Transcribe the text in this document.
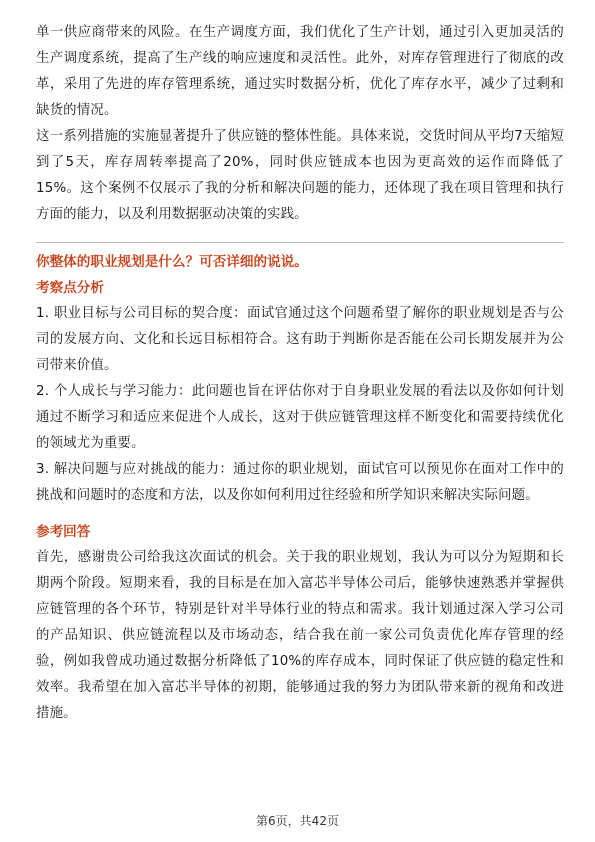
单一供应商带来的风险。在生产调度方面，我们优化了生产计划，通过引入更加灵活的生产调度系统，提高了生产线的响应速度和灵活性。此外，对库存管理进行了彻底的改革，采用了先进的库存管理系统，通过实时数据分析，优化了库存水平，减少了过剩和缺货的情况。

这一系列措施的实施显著提升了供应链的整体性能。具体来说，交货时间从平均7天缩短到了5天，库存周转率提高了20%，同时供应链成本也因为更高效的运作而降低了15%。这个案例不仅展示了我的分析和解决问题的能力，还体现了我在项目管理和执行方面的能力，以及利用数据驱动决策的实践。

你整体的职业规划是什么？可否详细的说说。
考察点分析

1. 职业目标与公司目标的契合度：面试官通过这个问题希望了解你的职业规划是否与公司的发展方向、文化和长远目标相符合。这有助于判断你是否能在公司长期发展并为公司带来价值。

2. 个人成长与学习能力：此问题也旨在评估你对于自身职业发展的看法以及你如何计划通过不断学习和适应来促进个人成长，这对于供应链管理这样不断变化和需要持续优化的领域尤为重要。

3. 解决问题与应对挑战的能力：通过你的职业规划，面试官可以预见你在面对工作中的挑战和问题时的态度和方法，以及你如何利用过往经验和所学知识来解决实际问题。

参考回答

首先，感谢贵公司给我这次面试的机会。关于我的职业规划，我认为可以分为短期和长期两个阶段。短期来看，我的目标是在加入富芯半导体公司后，能够快速熟悉并掌握供应链管理的各个环节，特别是针对半导体行业的特点和需求。我计划通过深入学习公司的产品知识、供应链流程以及市场动态，结合我在前一家公司负责优化库存管理的经验，例如我曾成功通过数据分析降低了10%的库存成本，同时保证了供应链的稳定性和效率。我希望在加入富芯半导体的初期，能够通过我的努力为团队带来新的视角和改进措施。

第6页，共42页
